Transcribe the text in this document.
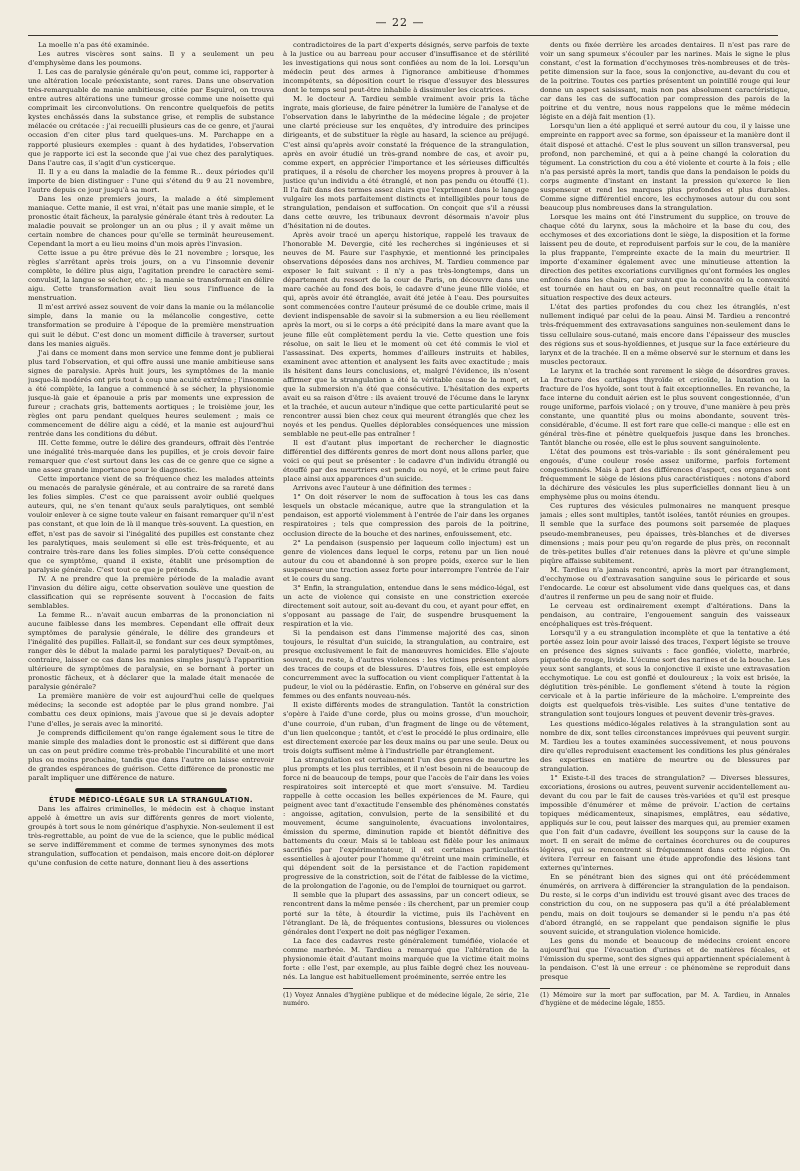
— 22 —

La moelle n'a pas été examinée.

Les autres viscères sont sains. Il y a seulement un peu d'emphysème dans les poumons.

I. Les cas de paralysie générale qu'on peut, comme ici, rapporter à une altération locale préexistante, sont rares. Dans une observation très-remarquable de manie ambitieuse, citée par Esquirol, on trouva entre autres altérations une tumeur grosse comme une noisette qui comprimait les circonvolutions. On rencontre quelquefois de petits kystes enchâssés dans la substance grise, et remplis de substance mélacée ou crétacée : j'ai recueilli plusieurs cas de ce genre, et j'aurai occasion d'en citer plus tard quelques-uns. M. Parchappe en a rapporté plusieurs exemples : quant à des hydatides, l'observation que je rapporte ici est la seconde que j'ai vue chez des paralytiques. Dans l'autre cas, il s'agit d'un cysticerque.

II. Il y a eu dans la maladie de la femme R... deux périodes qu'il importe de bien distinguer : l'une qui s'étend du 9 au 21 novembre, l'autre depuis ce jour jusqu'à sa mort.

Dans les onze premiers jours, la malade a été simplement maniaque. Cette manie, il est vrai, n'était pas une manie simple, et le pronostic était fâcheux, la paralysie générale étant très à redouter. La maladie pouvait se prolonger un an ou plus ; il y avait même un certain nombre de chances pour qu'elle se terminât heureusement. Cependant la mort a eu lieu moins d'un mois après l'invasion.

Cette issue a pu être prévue dès le 21 novembre ; lorsque, les règles s'arrêtant après trois jours, on a vu l'insomnie devenir complète, le délire plus aigu, l'agitation prendre le caractère semi-convulsif, la langue se sécher, etc. ; la manie se transformait en délire aigu. Cette transformation avait lieu sous l'influence de la menstruation.

Il m'est arrivé assez souvent de voir dans la manie ou la mélancolie simple, dans la manie ou la mélancolie congestive, cette transformation se produire à l'époque de la première menstruation qui suit le début. C'est donc un moment difficile à traverser, surtout dans les manies aiguës.

J'ai dans ce moment dans mon service une femme dont je publierai plus tard l'observation, et qui offre aussi une manie ambitieuse sans signes de paralysie. Après huit jours, les symptômes de la manie jusque-là modérés ont pris tout à coup une acuité extrême ; l'insomnie a été complète, la langue a commencé à se sécher, la physionomie jusque-là gaie et épanouie a pris par moments une expression de fureur ; crachats gris, battements aortiques ; le troisième jour, les règles ont paru pendant quelques heures seulement ; mais ce commencement de délire aigu a cédé, et la manie est aujourd'hui rentrée dans les conditions du début.

III. Cette femme, outre le délire des grandeurs, offrait dès l'entrée une inégalité très-marquée dans les pupilles, et je crois devoir faire remarquer que c'est surtout dans les cas de ce genre que ce signe a une assez grande importance pour le diagnostic.

Cette importance vient de sa fréquence chez les malades atteints ou menacés de paralysie générale, et au contraire de sa rareté dans les folies simples. C'est ce que paraissent avoir oublié quelques auteurs, qui, ne s'en tenant qu'aux seuls paralytiques, ont semblé vouloir enlever à ce signe toute valeur en faisant remarquer qu'il n'est pas constant, et que loin de là il manque très-souvent. La question, en effet, n'est pas de savoir si l'inégalité des pupilles est constante chez les paralytiques, mais seulement si elle est très-fréquente, et au contraire très-rare dans les folies simples. D'où cette conséquence que ce symptôme, quand il existe, établit une présomption de paralysie générale. C'est tout ce que je prétends.

IV. A ne prendre que la première période de la maladie avant l'invasion du délire aigu, cette observation soulève une question de classification qui se représente souvent à l'occasion de faits semblables.

La femme R... n'avait aucun embarras de la prononciation ni aucune faiblesse dans les membres. Cependant elle offrait deux symptômes de paralysie générale, le délire des grandeurs et l'inégalité des pupilles. Fallait-il, se fondant sur ces deux symptômes, ranger dès le début la malade parmi les paralytiques? Devait-on, au contraire, laisser ce cas dans les manies simples jusqu'à l'apparition ultérieure de symptômes de paralysie, en se bornant à porter un pronostic fâcheux, et à déclarer que la malade était menacée de paralysie générale?

La première manière de voir est aujourd'hui celle de quelques médecins; la seconde est adoptée par le plus grand nombre. J'ai combattu ces deux opinions, mais j'avoue que si je devais adopter l'une d'elles, je serais avec la minorité.

Je comprends difficilement qu'on range également sous le titre de manie simple des maladies dont le pronostic est si différent que dans un cas on peut prédire comme très-probable l'incurabilité et une mort plus ou moins prochaine, tandis que dans l'autre on laisse entrevoir de grandes espérances de guérison. Cette différence de pronostic me paraît impliquer une différence de nature.

ÉTUDE MÉDICO-LÉGALE SUR LA STRANGULATION.

Dans les affaires criminelles, le médecin est à chaque instant appelé à émettre un avis sur différents genres de mort violente, groupés à tort sous le nom générique d'asphyxie. Non-seulement il est très-regrettable, au point de vue de la science, que le public médical se serve indifféremment et comme de termes synonymes des mots strangulation, suffocation et pendaison, mais encore doit-on déplorer qu'une confusion de cette nature, donnant lieu à des assertions

contradictoires de la part d'experts désignés, serve parfois de texte à la justice ou au barreau pour accuser d'insuffisance et de stérilité les investigations qui nous sont confiées au nom de la loi. Lorsqu'un médecin peut des armes à l'ignorance ambitieuse d'hommes incompétents, sa déposition court le risque d'essuyer des blessures dont le temps seul peut-être inhabile à dissimuler les cicatrices.

M. le docteur A. Tardieu semble vraiment avoir pris la tâche ingrate, mais glorieuse, de faire pénétrer la lumière de l'analyse et de l'observation dans le labyrinthe de la médecine légale ; de projeter une clarté précieuse sur les enquêtes, d'y introduire des principes dirigeants, et de substituer la règle au hasard, la science au préjugé. C'est ainsi qu'après avoir constaté la fréquence de la strangulation, après en avoir étudié un très-grand nombre de cas, et avoir pu, comme expert, en apprécier l'importance et les sérieuses difficultés pratiques, il a résolu de chercher les moyens propres à prouver à la justice qu'un individu a été étranglé, et non pas pendu ou étouffé (1). Il l'a fait dans des termes assez clairs que l'expriment dans le langage vulgaire les mots parfaitement distincts et intelligibles pour tous de strangulation, pendaison et suffocation. On conçoit que s'il a réussi dans cette œuvre, les tribunaux devront désormais n'avoir plus d'hésitation ni de doutes.

Après avoir tracé un aperçu historique, rappelé les travaux de l'honorable M. Devergie, cité les recherches si ingénieuses et si neuves de M. Faure sur l'asphyxie, et mentionné les principales observations déposées dans nos archives, M. Tardieu commence par exposer le fait suivant : il n'y a pas très-longtemps, dans un département du ressort de la cour de Paris, on découvre dans une mare cachée au fond des bois, le cadavre d'une jeune fille violée, et qui, après avoir été étranglée, avait été jetée à l'eau. Des poursuites sont commencées contre l'auteur présumé de ce double crime, mais il devient indispensable de savoir si la submersion a eu lieu réellement après la mort, ou si le corps a été précipité dans la mare avant que la jeune fille eût complètement perdu la vie. Cette question une fois résolue, on sait le lieu et le moment où cet été commis le viol et l'assassinat. Des experts, hommes d'ailleurs instruits et habiles, examinent avec attention et analysent les faits avec exactitude ; mais ils hésitent dans leurs conclusions, et, malgré l'évidence, ils n'osent affirmer que la strangulation a été la véritable cause de la mort, et que la submersion n'a été que consécutive. L'hésitation des experts avait eu sa raison d'être : ils avaient trouvé de l'écume dans le larynx et la trachée, et aucun auteur n'indique que cette particularité peut se rencontrer aussi bien chez ceux qui meurent étranglés que chez les noyés et les pendus. Quelles déplorables conséquences une mission semblable ne peut-elle pas entraîner !

Il est d'autant plus important de rechercher le diagnostic différentiel des différents genres de mort dont nous allons parler, que voici ce qui peut se présenter : le cadavre d'un individu étranglé ou étouffé par des meurtriers est pendu ou noyé, et le crime peut faire place ainsi aux apparences d'un suicide.

Arrivons avec l'auteur à une définition des termes :

1° On doit réserver le nom de suffocation à tous les cas dans lesquels un obstacle mécanique, autre que la strangulation et la pendaison, est apporté violemment à l'entrée de l'air dans les organes respiratoires ; tels que compression des parois de la poitrine, occlusion directe de la bouche et des narines, enfouissement, etc.

2° La pendaison (suspensio per laqueum collo injectum) est un genre de violences dans lequel le corps, retenu par un lien noué autour du cou et abandonné à son propre poids, exerce sur le lien suspenseur une traction assez forte pour interrompre l'entrée de l'air et le cours du sang.

3° Enfin, la strangulation, entendue dans le sens médico-légal, est un acte de violence qui consiste en une constriction exercée directement soit autour, soit au-devant du cou, et ayant pour effet, en s'opposant au passage de l'air, de suspendre brusquement la respiration et la vie.

Si la pendaison est dans l'immense majorité des cas, sinon toujours, le résultat d'un suicide, la strangulation, au contraire, est presque exclusivement le fait de manœuvres homicides. Elle s'ajoute souvent, du reste, à d'autres violences : les victimes présentent alors des traces de coups et de blessures. D'autres fois, elle est employée concurremment avec la suffocation ou vient compliquer l'attentat à la pudeur, le viol ou la pédérastie. Enfin, on l'observe en général sur des femmes ou des enfants nouveau-nés.

Il existe différents modes de strangulation. Tantôt la constriction s'opère à l'aide d'une corde, plus ou moins grosse, d'un mouchoir, d'une courroie, d'un ruban, d'un fragment de linge ou de vêtement, d'un lien quelconque ; tantôt, et c'est le procédé le plus ordinaire, elle est directement exercée par les deux mains ou par une seule. Deux ou trois doigts suffisent même à l'industrielle par étranglement.

La strangulation est certainement l'un des genres de meurtre les plus prompts et les plus terribles, et il n'est besoin ni de beaucoup de force ni de beaucoup de temps, pour que l'accès de l'air dans les voies respiratoires soit intercepté et que mort s'ensuive. M. Tardieu rappelle à cette occasion les belles expériences de M. Faure, qui peignent avec tant d'exactitude l'ensemble des phénomènes constatés : angoisse, agitation, convulsion, perte de la sensibilité et du mouvement, écume sanguinolente, évacuations involontaires, émission du sperme, diminution rapide et bientôt définitive des battements du cœur. Mais si le tableau est fidèle pour les animaux sacrifiés par l'expérimentateur, il est certaines particularités essentielles à ajouter pour l'homme qu'étreint une main criminelle, et qui dépendent soit de la persistance et de l'action rapidement progressive de la constriction, soit de l'état de faiblesse de la victime, de la prolongation de l'agonie, ou de l'emploi de tourniquet ou garrot.

Il semble que la plupart des assassins, par un concert odieux, se rencontrent dans la même pensée : ils cherchent, par un premier coup porté sur la tête, à étourdir la victime, puis ils l'achèvent en l'étranglant. De là, de fréquentes contusions, blessures ou violences générales dont l'expert ne doit pas négliger l'examen.

La face des cadavres reste généralement tuméfiée, violacée et comme marbrée. M. Tardieu a remarqué que l'altération de la physionomie était d'autant moins marquée que la victime était moins forte : elle l'est, par exemple, au plus faible degré chez les nouveau-nés. La langue est habituellement proéminente, serrée entre les

(1) Voyez Annales d'hygiène publique et de médecine légale, 2e série, 21e numéro.

dents ou fixée derrière les arcades dentaires. Il n'est pas rare de voir un sang spumeux s'écouler par les narines. Mais le signe le plus constant, c'est la formation d'ecchymoses très-nombreuses et de très-petite dimension sur la face, sous la conjonctive, au-devant du cou et de la poitrine. Toutes ces parties présentent un pointillé rouge qui leur donne un aspect saisissant, mais non pas absolument caractéristique, car dans les cas de suffocation par compression des parois de la poitrine et du ventre, nous nous rappelons que le même médecin légiste en a déjà fait mention (1).

Lorsqu'un lien a été appliqué et serré autour du cou, il y laisse une empreinte en rapport avec sa forme, son épaisseur et la manière dont il était disposé et attaché. C'est le plus souvent un sillon transversal, peu profond, non parcheminé, et qui a à peine changé la coloration du tégument. La constriction du cou a été violente et courte à la fois ; elle n'a pas persisté après la mort, tandis que dans la pendaison le poids du corps augmente d'instant en instant la pression qu'exerce le lien suspenseur et rend les marques plus profondes et plus durables. Comme signe différentiel encore, les ecchymoses autour du cou sont beaucoup plus nombreuses dans la strangulation.

Lorsque les mains ont été l'instrument du supplice, on trouve de chaque côté du larynx, sous la mâchoire et la base du cou, des ecchymoses et des excoriations dont le siège, la disposition et la forme laissent peu de doute, et reproduisent parfois sur le cou, de la manière la plus frappante, l'empreinte exacte de la main du meurtrier. Il importe d'examiner également avec une minutieuse attention la direction des petites excoriations curvilignes qu'ont formées les ongles enfoncés dans les chairs, car suivant que la concavité ou la convexité est tournée en haut ou en bas, on peut reconnaître quelle était la situation respective des deux acteurs.

L'état des parties profondes du cou chez les étranglés, n'est nullement indiqué par celui de la peau. Ainsi M. Tardieu a rencontré très-fréquemment des extravasations sanguines non-seulement dans le tissu cellulaire sous-cutané, mais encore dans l'épaisseur des muscles des régions sus et sous-hyoïdiennes, et jusque sur la face extérieure du larynx et de la trachée. Il en a même observé sur le sternum et dans les muscles pectoraux.

Le larynx et la trachée sont rarement le siège de désordres graves. La fracture des cartilages thyroïde et cricoïde, la luxation ou la fracture de l'os hyoïde, sont tout à fait exceptionnelles. En revanche, la face interne du conduit aérien est le plus souvent congestionnée, d'un rouge uniforme, parfois violacé ; on y trouve, d'une manière à peu près constante, une quantité plus ou moins abondante, souvent très-considérable, d'écume. Il est fort rare que celle-ci manque : elle est en général très-fine et pénètre quelquefois jusque dans les bronches. Tantôt blanche ou rosée, elle est le plus souvent sanguinolente.

L'état des poumons est très-variable : ils sont généralement peu engoués, d'une couleur rosée assez uniforme, parfois fortement congestionnés. Mais à part des différences d'aspect, ces organes sont fréquemment le siège de lésions plus caractéristiques : notons d'abord la déchirure des vésicules les plus superficielles donnant lieu à un emphysème plus ou moins étendu.

Ces ruptures des vésicules pulmonaires ne manquent presque jamais ; elles sont multiples, tantôt isolées, tantôt réunies en groupes. Il semble que la surface des poumons soit parsemée de plaques pseudo-membraneuses, peu épaisses, très-blanches et de diverses dimensions ; mais pour peu qu'on regarde de plus près, on reconnaît de très-petites bulles d'air retenues dans la plèvre et qu'une simple piqûre affaisse subitement.

M. Tardieu n'a jamais rencontré, après la mort par étranglement, d'ecchymose ou d'extravasation sanguine sous le péricarde et sous l'endocarde. Le cœur est absolument vide dans quelques cas, et dans d'autres il renferme un peu de sang noir et fluide.

Le cerveau est ordinairement exempt d'altérations. Dans la pendaison, au contraire, l'engouement sanguin des vaisseaux encéphaliques est très-fréquent.

Lorsqu'il y a eu strangulation incomplète et que la tentative a été portée assez loin pour avoir laissé des traces, l'expert légiste se trouve en présence des signes suivants : face gonflée, violette, marbrée, piquetée de rouge, livide. L'écume sort des narines et de la bouche. Les yeux sont sanglants, et sous la conjonctive il existe une extravasation ecchymotique. Le cou est gonflé et douloureux ; la voix est brisée, la déglutition très-pénible. Le gonflement s'étend à toute la région cervicale et à la partie inférieure de la mâchoire. L'empreinte des doigts est quelquefois très-visible. Les suites d'une tentative de strangulation sont toujours longues et peuvent devenir très-graves.

Les questions médico-légales relatives à la strangulation sont au nombre de dix, sont telles circonstances imprévues qui peuvent surgir. M. Tardieu les a toutes examinées successivement, et nous pouvons dire qu'elles reproduisent exactement les conditions les plus générales des expertises en matière de meurtre ou de blessures par strangulation.

1° Existe-t-il des traces de strangulation? — Diverses blessures, excoriations, érosions ou autres, peuvent survenir accidentellement au-devant du cou par le fait de causes très-variées et qu'il est presque impossible d'énumérer et même de prévoir. L'action de certains topiques médicamenteux, sinapismes, emplâtres, eau sédative, appliqués sur le cou, peut laisser des marques qui, au premier examen que l'on fait d'un cadavre, éveillent les soupçons sur la cause de la mort. Il en serait de même de certaines écorchures ou de coupures légères, qui se rencontrent si fréquemment dans cette région. On évitera l'erreur en faisant une étude approfondie des lésions tant externes qu'internes.

En se pénétrant bien des signes qui ont été précédemment énumérés, on arrivera à différencier la strangulation de la pendaison. Du reste, si le corps d'un individu est trouvé gisant avec des traces de constriction du cou, on ne supposera pas qu'il a été préalablement pendu, mais on doit toujours se demander si le pendu n'a pas été d'abord étranglé, en se rappelant que pendaison signifie le plus souvent suicide, et strangulation violence homicide.

Les gens du monde et beaucoup de médecins croient encore aujourd'hui que l'évacuation d'urines et de matières fécales, et l'émission du sperme, sont des signes qui appartiennent spécialement à la pendaison. C'est là une erreur : ce phénomène se reproduit dans presque

(1) Mémoire sur la mort par suffocation, par M. A. Tardieu, in Annales d'hygiène et de médecine légale, 1855.
